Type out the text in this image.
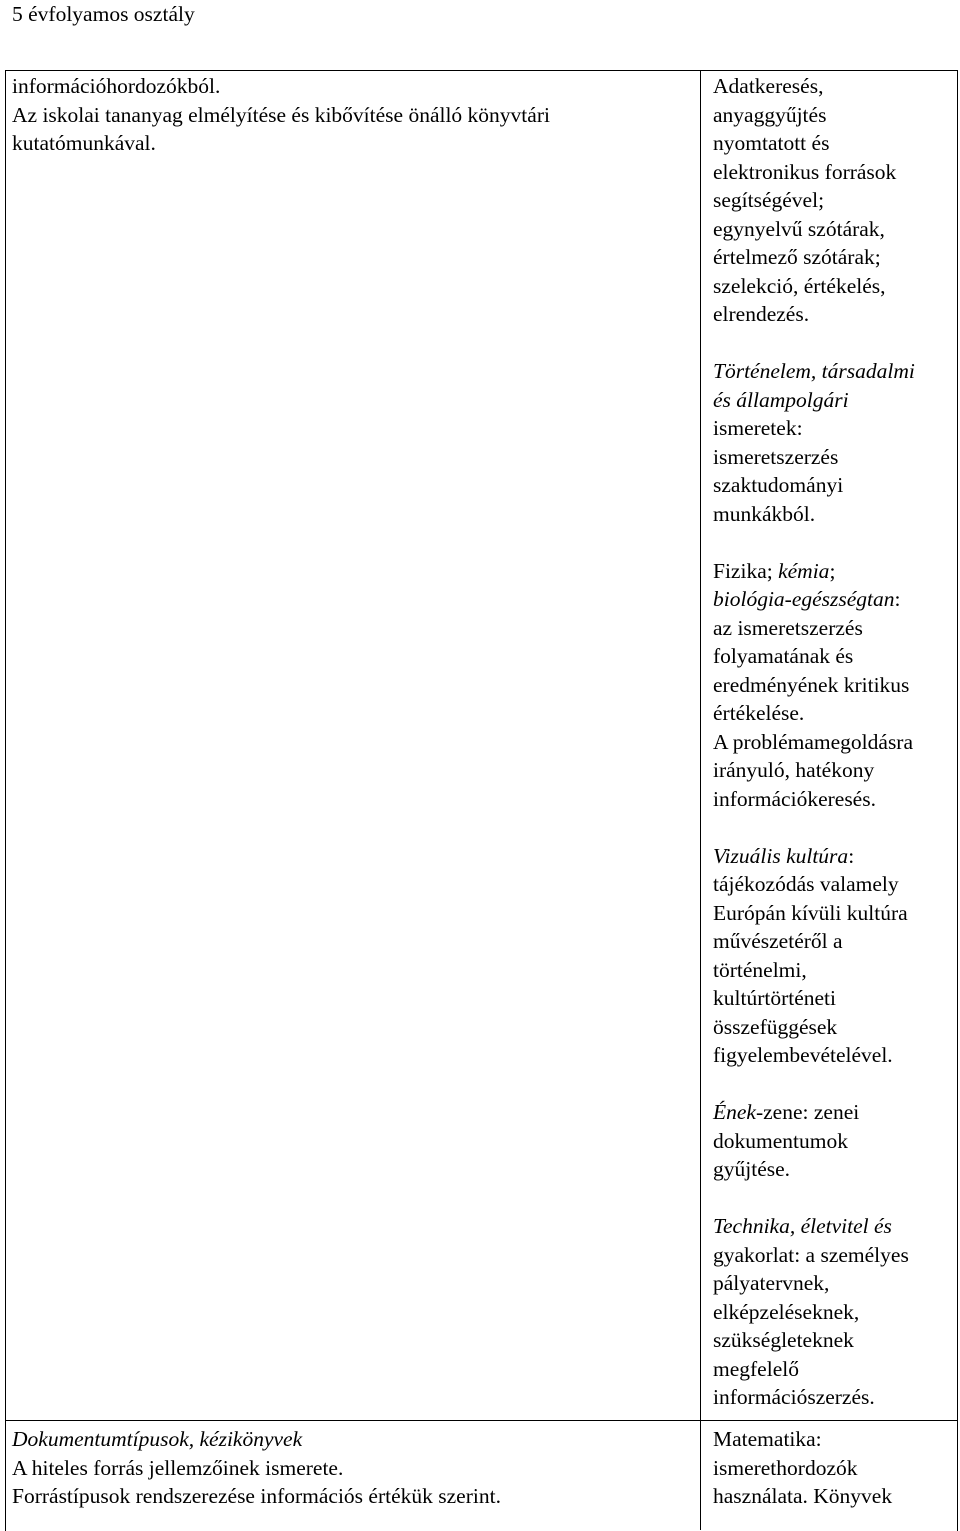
5 évfolyamos osztály
információhordozókból.
Az iskolai tananyag elmélyítése és kibővítése önálló könyvtári
kutatómunkával.
Dokumentumtípusok, kézikönyvek
A hiteles forrás jellemzőinek ismerete.
Forrástípusok rendszerezése információs értékük szerint.
Adatkeresés,
anyaggyűjtés
nyomtatott és
elektronikus források
segítségével;
egynyelvű szótárak,
értelmező szótárak;
szelekció, értékelés,
elrendezés.
Történelem, társadalmi
és állampolgári
ismeretek:
ismeretszerzés
szaktudományi
munkákból.
Fizika; kémia;
biológia-egészségtan:
az ismeretszerzés
folyamatának és
eredményének kritikus
értékelése.
A problémamegoldásra
irányuló, hatékony
információkeresés.
Vizuális kultúra:
tájékozódás valamely
Európán kívüli kultúra
művészetéről a
történelmi,
kultúrtörténeti
összefüggések
figyelembevételével.
Ének-zene: zenei
dokumentumok
gyűjtése.
Technika, életvitel és
gyakorlat: a személyes
pályatervnek,
elképzeléseknek,
szükségleteknek
megfelelő
információszerzés.
Matematika:
ismerethordozók
használata. Könyvek
